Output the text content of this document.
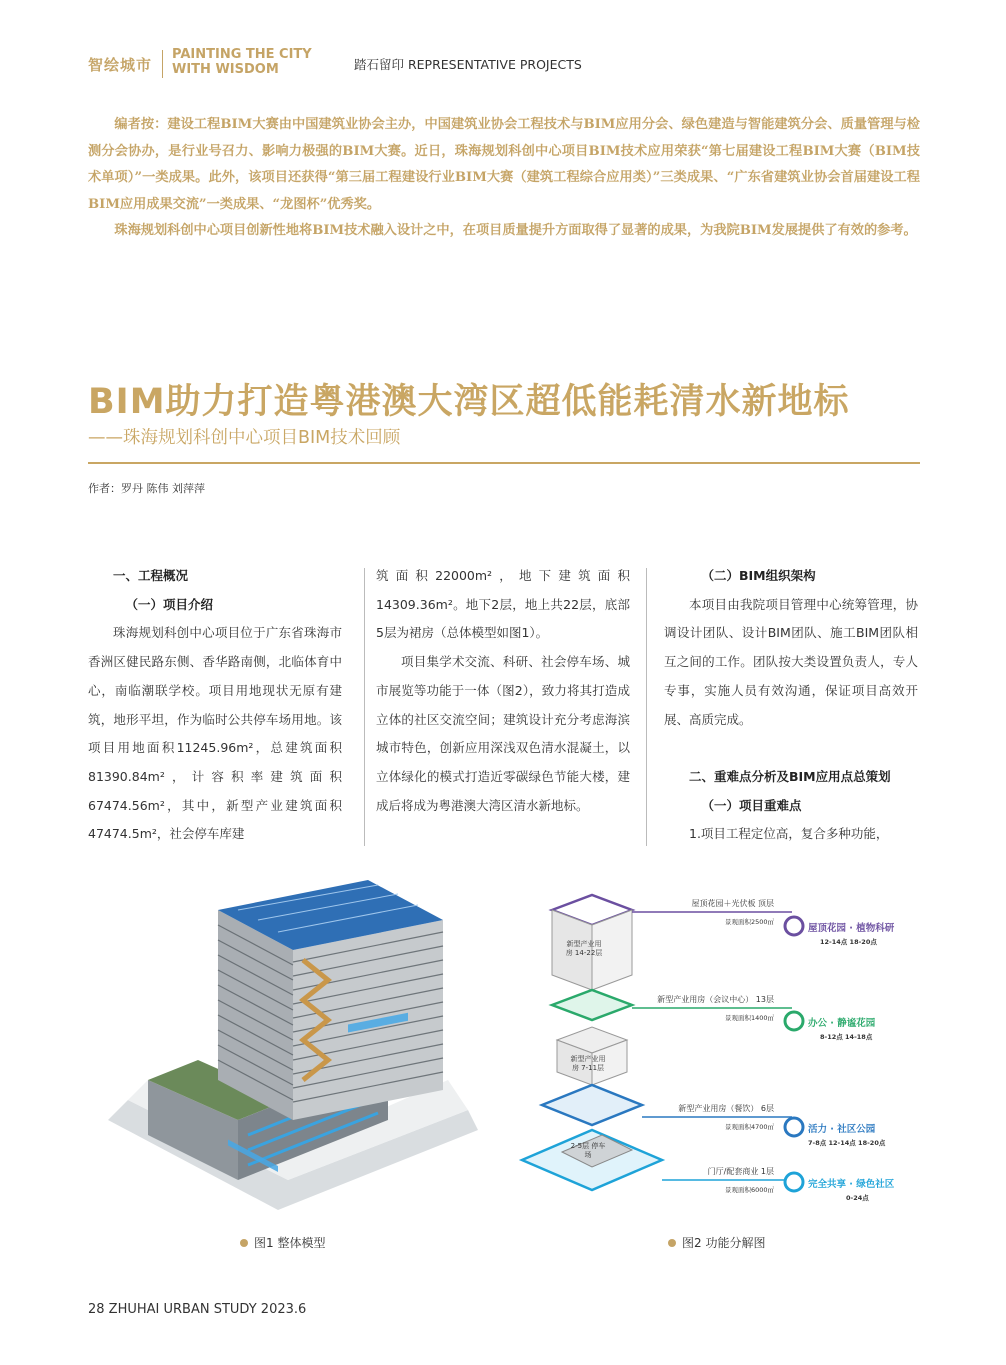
智绘城市
PAINTING THE CITY
WITH WISDOM	踏石留印 REPRESENTATIVE PROJECTS

编者按：建设工程BIM大赛由中国建筑业协会主办，中国建筑业协会工程技术与BIM应用分会、绿色建造与智能建筑分会、质量管理与检测分会协办，是行业号召力、影响力极强的BIM大赛。近日，珠海规划科创中心项目BIM技术应用荣获“第七届建设工程BIM大赛（BIM技术单项）”一类成果。此外，该项目还获得“第三届工程建设行业BIM大赛（建筑工程综合应用类）”三类成果、“广东省建筑业协会首届建设工程BIM应用成果交流”一类成果、“龙图杯”优秀奖。

珠海规划科创中心项目创新性地将BIM技术融入设计之中，在项目质量提升方面取得了显著的成果，为我院BIM发展提供了有效的参考。

BIM助力打造粤港澳大湾区超低能耗清水新地标
——珠海规划科创中心项目BIM技术回顾
作者：罗丹 陈伟 刘萍萍
一、工程概况
（一）项目介绍

珠海规划科创中心项目位于广东省珠海市香洲区健民路东侧、香华路南侧，北临体育中心，南临潮联学校。项目用地现状无原有建筑，地形平坦，作为临时公共停车场用地。该项目用地面积11245.96m²，总建筑面积81390.84m²，计容积率建筑面积67474.56m²，其中，新型产业建筑面积47474.5m²，社会停车库建

筑面积22000m²，地下建筑面积14309.36m²。地下2层，地上共22层，底部5层为裙房（总体模型如图1）。

项目集学术交流、科研、社会停车场、城市展览等功能于一体（图2），致力将其打造成立体的社区交流空间；建筑设计充分考虑海滨城市特色，创新应用深浅双色清水混凝土，以立体绿化的模式打造近零碳绿色节能大楼，建成后将成为粤港澳大湾区清水新地标。

（二）BIM组织架构

本项目由我院项目管理中心统筹管理，协调设计团队、设计BIM团队、施工BIM团队相互之间的工作。团队按大类设置负责人，专人专事，实施人员有效沟通，保证项目高效开展、高质完成。

二、重难点分析及BIM应用点总策划
（一）项目重难点

1.项目工程定位高，复合多种功能，

图1 整体模型
新型产业用房 14-22层
新型产业用房 7-11层
2-5层 停车场
屋顶花园＋光伏板 顶层
景观面积2500㎡
新型产业用房（会议中心） 13层
景观面积1400㎡
新型产业用房（餐饮） 6层
景观面积4700㎡
门厅/配套商业 1层
景观面积6000㎡
屋顶花园 · 植物科研
12-14点 18-20点
办公 · 静谧花园
8-12点 14-18点
活力 · 社区公园
7-8点 12-14点 18-20点
完全共享 · 绿色社区
0-24点
图2 功能分解图
28 ZHUHAI URBAN STUDY 2023.6
